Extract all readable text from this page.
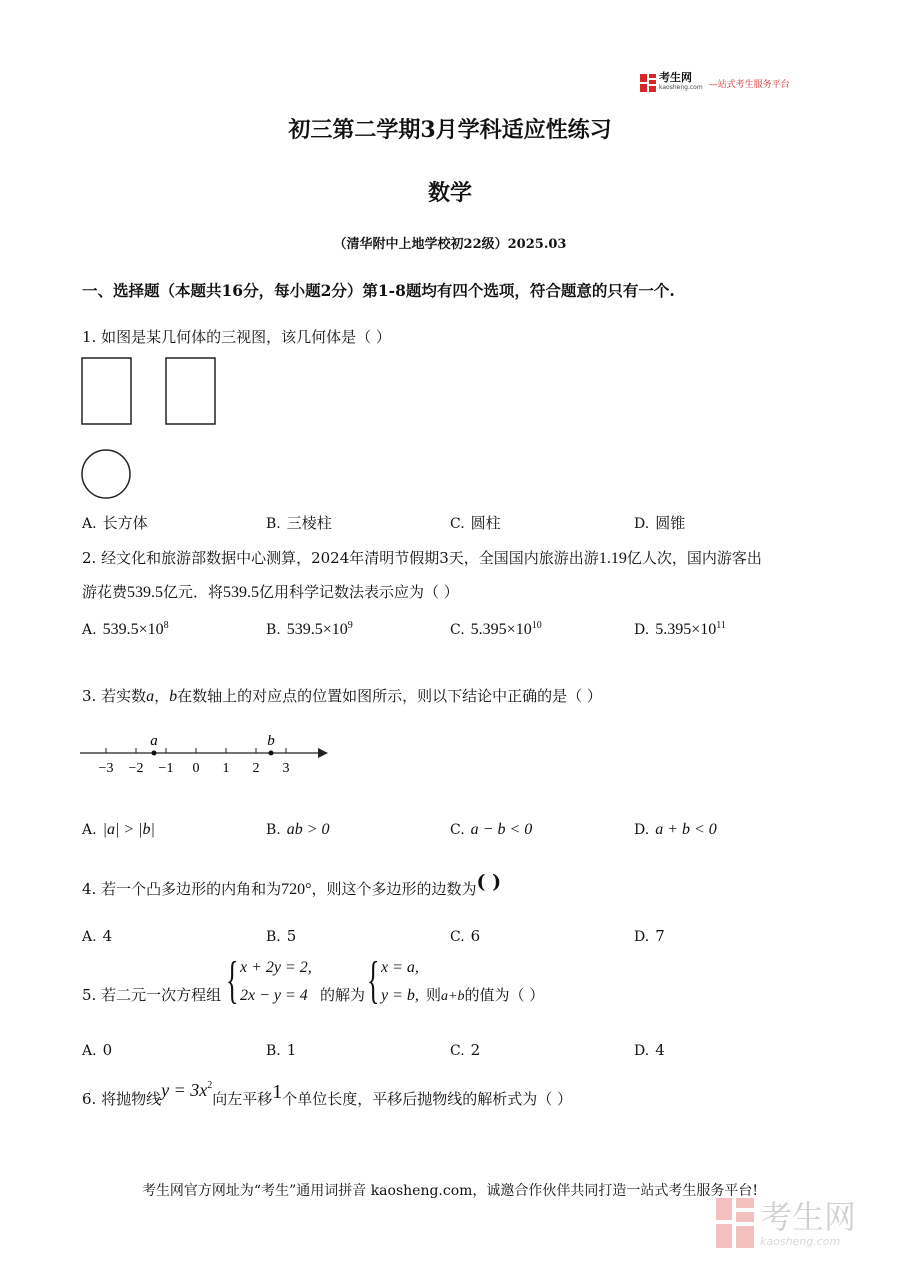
考生网
kaosheng.com —站式考生服务平台
初三第二学期3月学科适应性练习
数学
（清华附中上地学校初22级）2025.03
一、选择题（本题共16分，每小题2分）第1-8题均有四个选项，符合题意的只有一个.
1. 如图是某几何体的三视图，该几何体是（ ）
A. 长方体	B. 三棱柱	C. 圆柱	D. 圆锥
2. 经文化和旅游部数据中心测算，2024年清明节假期3天，全国国内旅游出游1.19亿人次，国内游客出
游花费539.5亿元．将539.5亿用科学记数法表示应为（ ）
A. $539.5\times 10^8$	B. $539.5\times 10^9$	C. $5.395\times 10^{10}$	D. $5.395\times 10^{11}$
3. 若实数a，b在数轴上的对应点的位置如图所示，则以下结论中正确的是（ ）
−3 −2 −1 0 1 2 3
a	b
A. |a| > |b|	B. ab > 0	C. a − b < 0	D. a + b < 0
4. 若一个凸多边形的内角和为720°，则这个多边形的边数为( )
A. 4	B. 5	C. 6	D. 7
5. 若二元一次方程组 { x + 2y = 2,
2x − y = 4 的解为 { x = a,
y = b, 则a+b的值为（ ）
A. 0	B. 1	C. 2	D. 4
6. 将抛物线$y = 3x^2$向左平移1个单位长度，平移后抛物线的解析式为（ ）
考生网官方网址为“考生”通用词拼音 kaosheng.com，诚邀合作伙伴共同打造一站式考生服务平台!
考生网
kaosheng.com
